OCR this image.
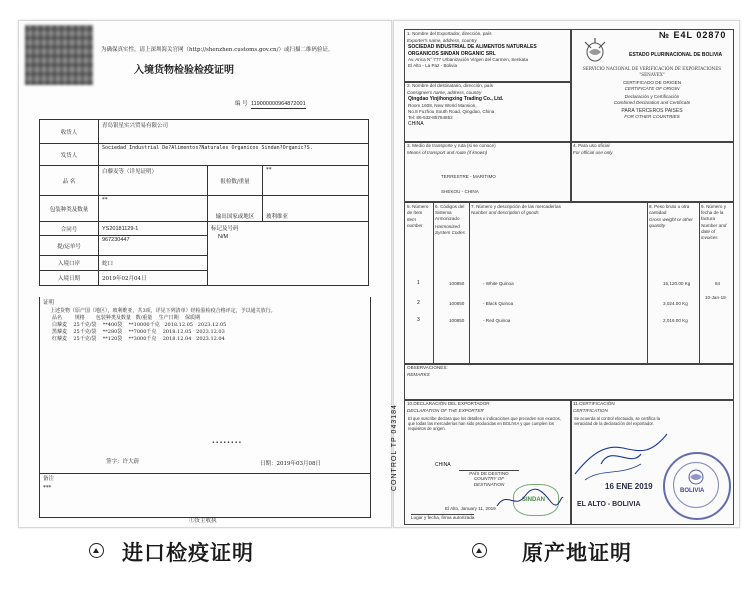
为确保真实性，请上深圳海关官网（http://shenzhen.customs.gov.cn/）或扫描二维码验证。
入境货物检验检疫证明
编 号 119000000964872001
收货人	青岛银星实兴贸易有限公司		
发货人	Sociedad Industrial De?Alimentos?Naturales Organicos Sindan?Organic?S.		
品 名	白藜麦等（详见证明）	报检数/重量	**
包装种类及数量	**	输出国家或地区	玻利维亚
合同号	YS20181129-1	标记及号码
N/M	

提/运单号	967230447		
入境口岸	蛇口		
入境日期	2019年02月04日		
证明
上述货物（原产国（地区），玻利维亚，共3项，详见下列清单）经检验检疫合格评定，予以通关放行。
品名        规格       包装种类及数量   数/重量    生产日期    保质期
白藜麦    25千克/袋    **400袋    **10000千克   2018.12.05   2023.12.05
黑藜麦    25千克/袋    **280袋    **7000千克    2018.12.05   2023.12.03
红藜麦    25千克/袋    **120袋    **3000千克    2018.12.04   2023.12.04
........
签字：许大蔚	日期：2019年03月08日
备注
***
①货主收执
CONTROL TP 043184
1. Nombre del Exportador, dirección, país
Exporter's name, address, country
SOCIEDAD INDUSTRIAL DE ALIMENTOS NATURALES
ORGANICOS SINDAN ORGANIC SRL
Av. Arica N° 777 Urbanización Virgen del Carmen, Senkata
El Alto - La Paz - Bolivia
№ E4L 02870
ESTADO PLURINACIONAL DE BOLIVIA
SERVICIO NACIONAL DE VERIFICACIÓN DE EXPORTACIONES "SENAVEX"
CERTIFICADO DE ORIGEN
CERTIFICATE OF ORIGIN
Declaración y Certificación
Combined Declaration and Certificate
PARA TERCEROS PAISES
FOR OTHER COUNTRIES
2. Nombre del destinatario, dirección, país
Consignee's name, address, country
Qingdao Yinjihongxing Trading Co., Ltd.
Room 1608, New World Mansion,
No.8 Fuzhou South Road, Qingdao, China
Tel: 86-532-85754852
CHINA
3. Medio de transporte y ruta (si se conoce)
Means of transport and route (if known)
TERRESTRE - MARITIMO
SHEKOU - CHINA
4. Para uso oficial
For official use only
5. Número de ítem
Item number
6. Códigos del Sistema Armonizado
Harmonized System Codes
7. Número y descripción de las mercaderías
Number and description of goods
8. Peso bruto u otra cantidad
Gross weight or other quantity
9. Número y fecha de la factura
Number and date of invoices
1	100850	- White Quinoa	15,120.00 Kg
2	100850	- Black Quinoa	3,024.00 Kg
3	100850	- Red Quinoa	2,016.00 Kg
84
10-Jan-19
OBSERVACIONES:
REMARKS
10.DECLARACIÓN DEL EXPORTADOR
DECLARATION OF THE EXPORTER
El que suscribe declara que los detalles e indicaciones que preceden son exactos, que todas las mercaderías han sido producidas en BOLIVIA y que cumplen los requisitos de origen.
CHINA
PAÍS DE DESTINO
COUNTRY OF DESTINATION
El Alto, January 11, 2019
Lugar y fecha, firma autorizada
SINDAN
11.CERTIFICACIÓN
CERTIFICATION
Se acuerda al control efectuado, se certifica la veracidad de la declaración del exportador.
16 ENE 2019
EL ALTO - BOLIVIA
BOLIVIA
进口检疫证明	原产地证明
